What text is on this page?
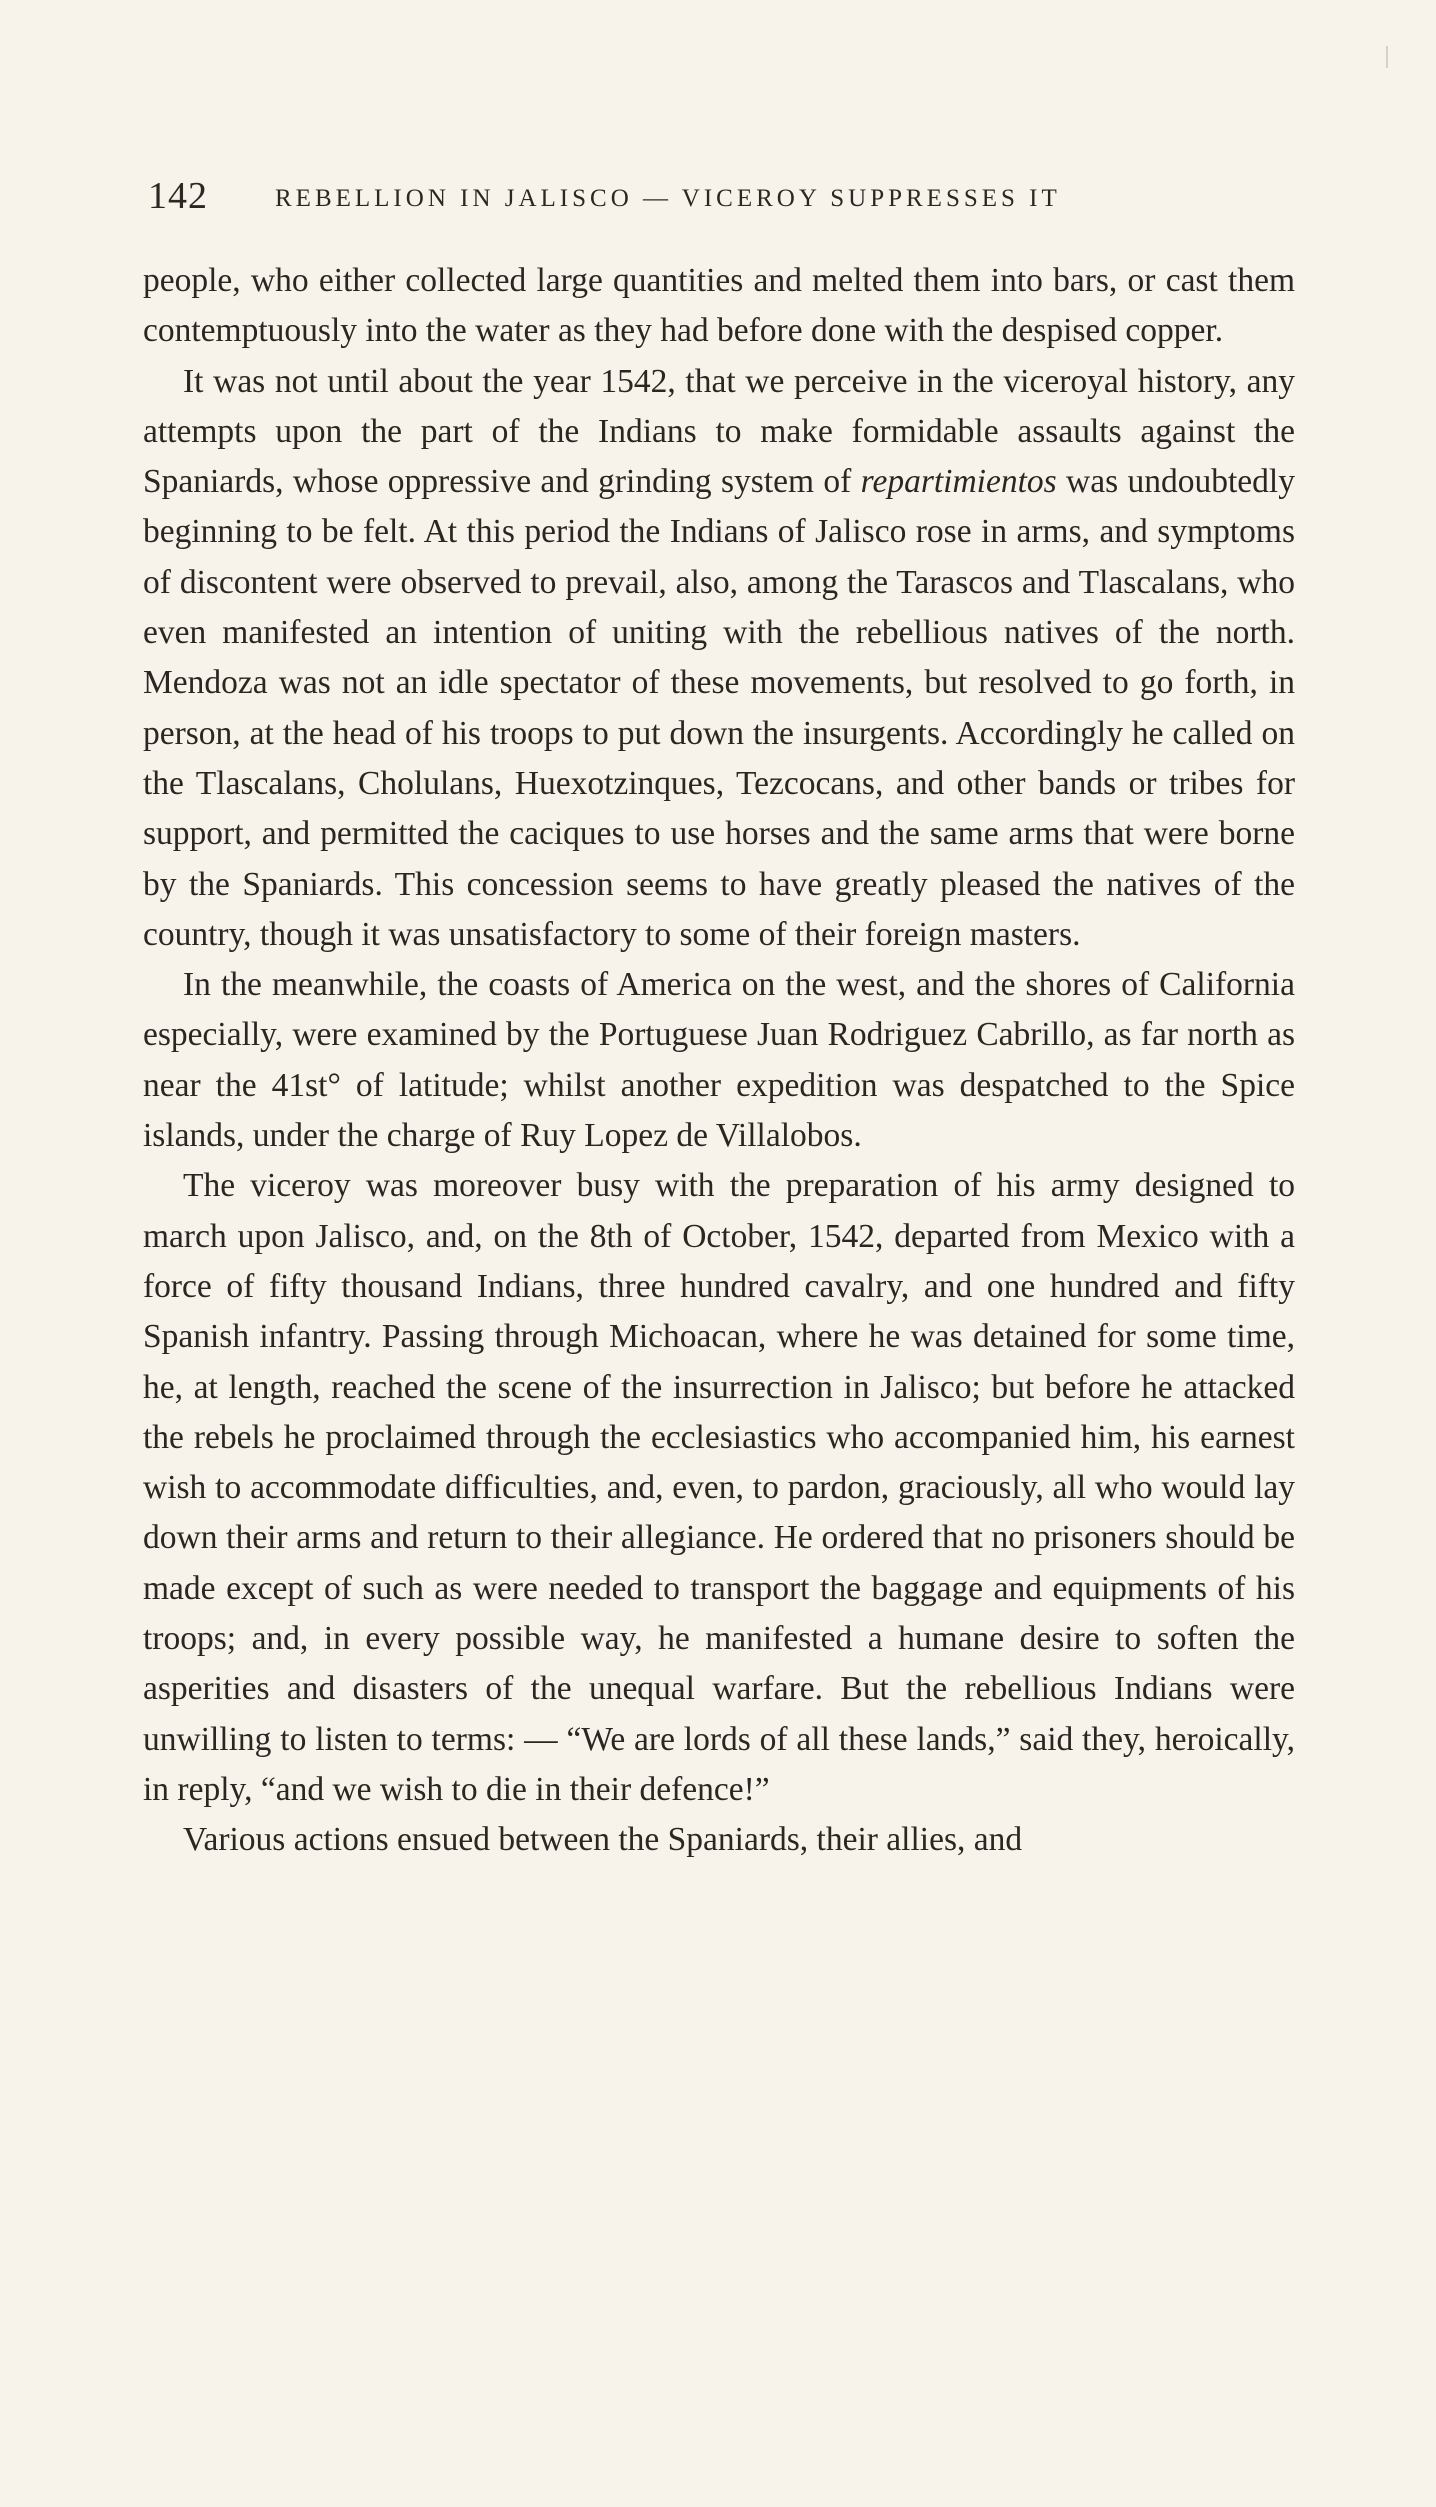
142	REBELLION IN JALISCO — VICEROY SUPPRESSES IT

people, who either collected large quantities and melted them into bars, or cast them contemptuously into the water as they had before done with the despised copper.

It was not until about the year 1542, that we perceive in the viceroyal history, any attempts upon the part of the Indians to make formidable assaults against the Spaniards, whose oppressive and grinding system of repartimientos was undoubtedly beginning to be felt. At this period the Indians of Jalisco rose in arms, and symptoms of discontent were observed to prevail, also, among the Tarascos and Tlascalans, who even manifested an intention of uniting with the rebellious natives of the north. Mendoza was not an idle spectator of these movements, but resolved to go forth, in person, at the head of his troops to put down the insurgents. Accordingly he called on the Tlascalans, Cholulans, Huexotzinques, Tezcocans, and other bands or tribes for support, and permitted the caciques to use horses and the same arms that were borne by the Spaniards. This concession seems to have greatly pleased the natives of the country, though it was unsatisfactory to some of their foreign masters.

In the meanwhile, the coasts of America on the west, and the shores of California especially, were examined by the Portuguese Juan Rodriguez Cabrillo, as far north as near the 41st° of latitude; whilst another expedition was despatched to the Spice islands, under the charge of Ruy Lopez de Villalobos.

The viceroy was moreover busy with the preparation of his army designed to march upon Jalisco, and, on the 8th of October, 1542, departed from Mexico with a force of fifty thousand Indians, three hundred cavalry, and one hundred and fifty Spanish infantry. Passing through Michoacan, where he was detained for some time, he, at length, reached the scene of the insurrection in Jalisco; but before he attacked the rebels he proclaimed through the ecclesiastics who accompanied him, his earnest wish to accommodate difficulties, and, even, to pardon, graciously, all who would lay down their arms and return to their allegiance. He ordered that no prisoners should be made except of such as were needed to transport the baggage and equipments of his troops; and, in every possible way, he manifested a humane desire to soften the asperities and disasters of the unequal warfare. But the rebellious Indians were unwilling to listen to terms: — “We are lords of all these lands,” said they, heroically, in reply, “and we wish to die in their defence!”

Various actions ensued between the Spaniards, their allies, and
